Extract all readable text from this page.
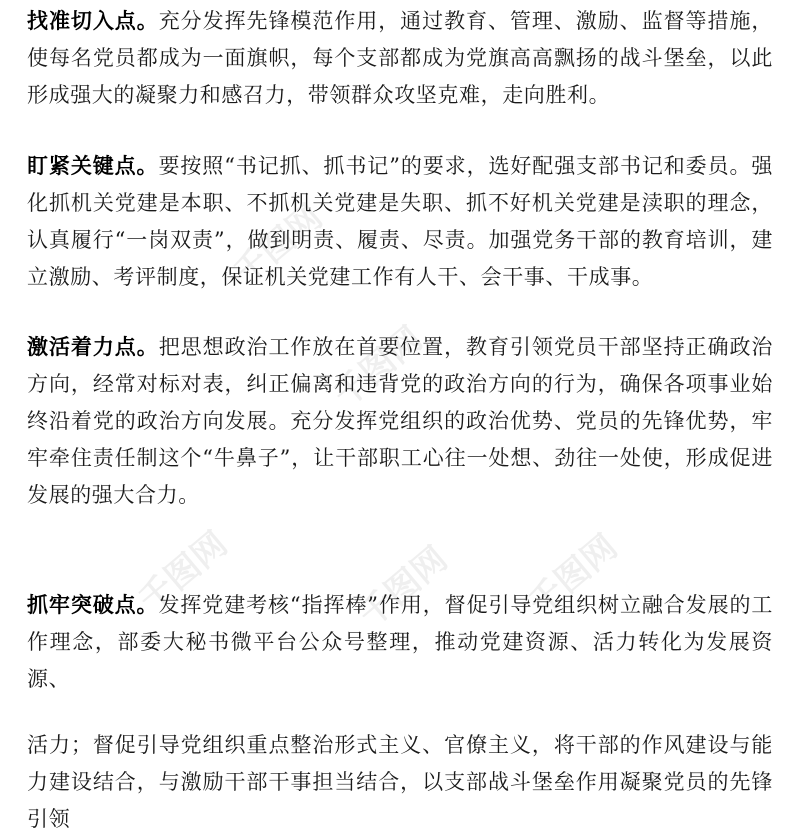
千图网
千图网
千图网	千图网 千图网

找准切入点。充分发挥先锋模范作用，通过教育、管理、激励、监督等措施，使每名党员都成为一面旗帜，每个支部都成为党旗高高飘扬的战斗堡垒，以此形成强大的凝聚力和感召力，带领群众攻坚克难，走向胜利。

盯紧关键点。要按照“书记抓、抓书记”的要求，选好配强支部书记和委员。强化抓机关党建是本职、不抓机关党建是失职、抓不好机关党建是渎职的理念，认真履行“一岗双责”，做到明责、履责、尽责。加强党务干部的教育培训，建立激励、考评制度，保证机关党建工作有人干、会干事、干成事。

激活着力点。把思想政治工作放在首要位置，教育引领党员干部坚持正确政治方向，经常对标对表，纠正偏离和违背党的政治方向的行为，确保各项事业始终沿着党的政治方向发展。充分发挥党组织的政治优势、党员的先锋优势，牢牢牵住责任制这个“牛鼻子”，让干部职工心往一处想、劲往一处使，形成促进发展的强大合力。

抓牢突破点。发挥党建考核“指挥棒”作用，督促引导党组织树立融合发展的工作理念，部委大秘书微平台公众号整理，推动党建资源、活力转化为发展资源、

活力；督促引导党组织重点整治形式主义、官僚主义，将干部的作风建设与能力建设结合，与激励干部干事担当结合，以支部战斗堡垒作用凝聚党员的先锋引领
